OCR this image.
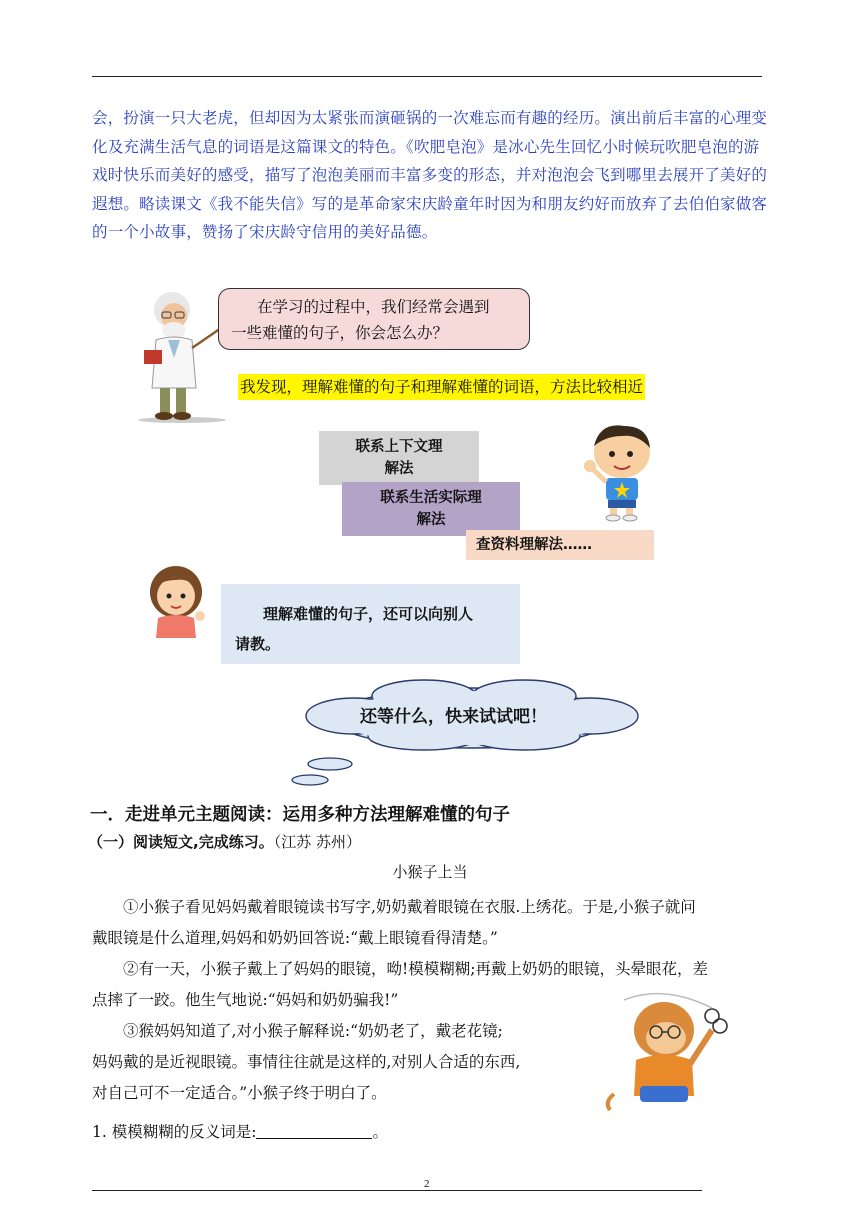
会，扮演一只大老虎，但却因为太紧张而演砸锅的一次难忘而有趣的经历。演出前后丰富的心理变化及充满生活气息的词语是这篇课文的特色。《吹肥皂泡》是冰心先生回忆小时候玩吹肥皂泡的游戏时快乐而美好的感受，描写了泡泡美丽而丰富多变的形态，并对泡泡会飞到哪里去展开了美好的遐想。略读课文《我不能失信》写的是革命家宋庆龄童年时因为和朋友约好而放弃了去伯伯家做客的一个小故事，赞扬了宋庆龄守信用的美好品德。
在学习的过程中，我们经常会遇到
一些难懂的句子，你会怎么办？
我发现，理解难懂的句子和理解难懂的词语，方法比较相近
联系上下文理
解法
联系生活实际理
解法
查资料理解法……
理解难懂的句子，还可以向别人
请教。
还等什么，快来试试吧！
一．走进单元主题阅读：运用多种方法理解难懂的句子
（一）阅读短文,完成练习。（江苏 苏州）
小猴子上当
①小猴子看见妈妈戴着眼镜读书写字,奶奶戴着眼镜在衣服.上绣花。于是,小猴子就问
戴眼镜是什么道理,妈妈和奶奶回答说:“戴上眼镜看得清楚。”
②有一天，小猴子戴上了妈妈的眼镜，呦!模模糊糊;再戴上奶奶的眼镜，头晕眼花，差
点摔了一跤。他生气地说:“妈妈和奶奶骗我!”
③猴妈妈知道了,对小猴子解释说:“奶奶老了，戴老花镜;
妈妈戴的是近视眼镜。事情往往就是这样的,对别人合适的东西,
对自己可不一定适合。”小猴子终于明白了。
1. 模模糊糊的反义词是:	。
2
